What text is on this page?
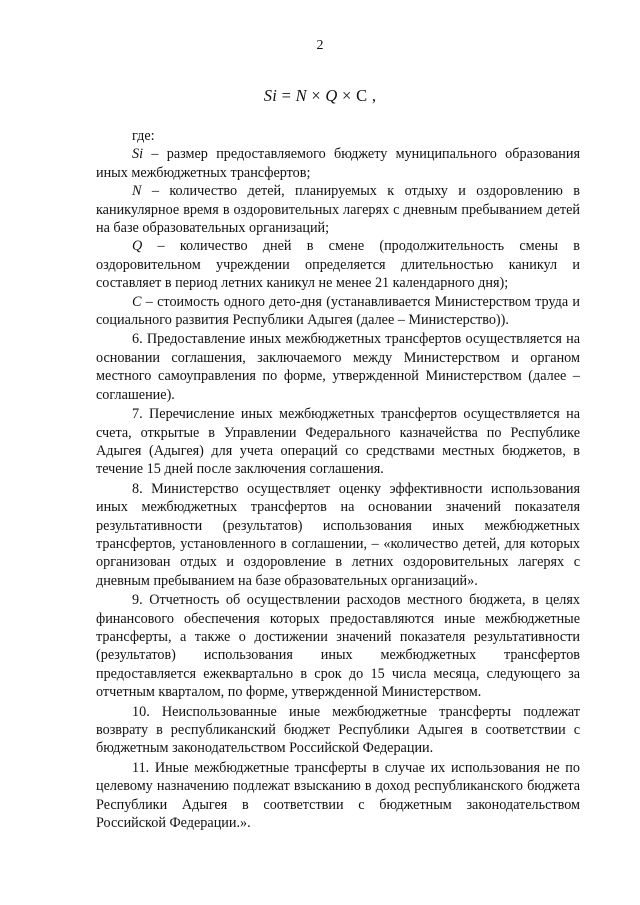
2
Si = N × Q × C ,

где:

Si – размер предоставляемого бюджету муниципального образования иных межбюджетных трансфертов;

N – количество детей, планируемых к отдыху и оздоровлению в каникулярное время в оздоровительных лагерях с дневным пребыванием детей на базе образовательных организаций;

Q – количество дней в смене (продолжительность смены в оздоровительном учреждении определяется длительностью каникул и составляет в период летних каникул не менее 21 календарного дня);

C – стоимость одного дето-дня (устанавливается Министерством труда и социального развития Республики Адыгея (далее – Министерство)).

6. Предоставление иных межбюджетных трансфертов осуществляется на основании соглашения, заключаемого между Министерством и органом местного самоуправления по форме, утвержденной Министерством (далее – соглашение).

7. Перечисление иных межбюджетных трансфертов осуществляется на счета, открытые в Управлении Федерального казначейства по Республике Адыгея (Адыгея) для учета операций со средствами местных бюджетов, в течение 15 дней после заключения соглашения.

8. Министерство осуществляет оценку эффективности использования иных межбюджетных трансфертов на основании значений показателя результативности (результатов) использования иных межбюджетных трансфертов, установленного в соглашении, – «количество детей, для которых организован отдых и оздоровление в летних оздоровительных лагерях с дневным пребыванием на базе образовательных организаций».

9. Отчетность об осуществлении расходов местного бюджета, в целях финансового обеспечения которых предоставляются иные межбюджетные трансферты, а также о достижении значений показателя результативности (результатов) использования иных межбюджетных трансфертов предоставляется ежеквартально в срок до 15 числа месяца, следующего за отчетным кварталом, по форме, утвержденной Министерством.

10. Неиспользованные иные межбюджетные трансферты подлежат возврату в республиканский бюджет Республики Адыгея в соответствии с бюджетным законодательством Российской Федерации.

11. Иные межбюджетные трансферты в случае их использования не по целевому назначению подлежат взысканию в доход республиканского бюджета Республики Адыгея в соответствии с бюджетным законодательством Российской Федерации.».
